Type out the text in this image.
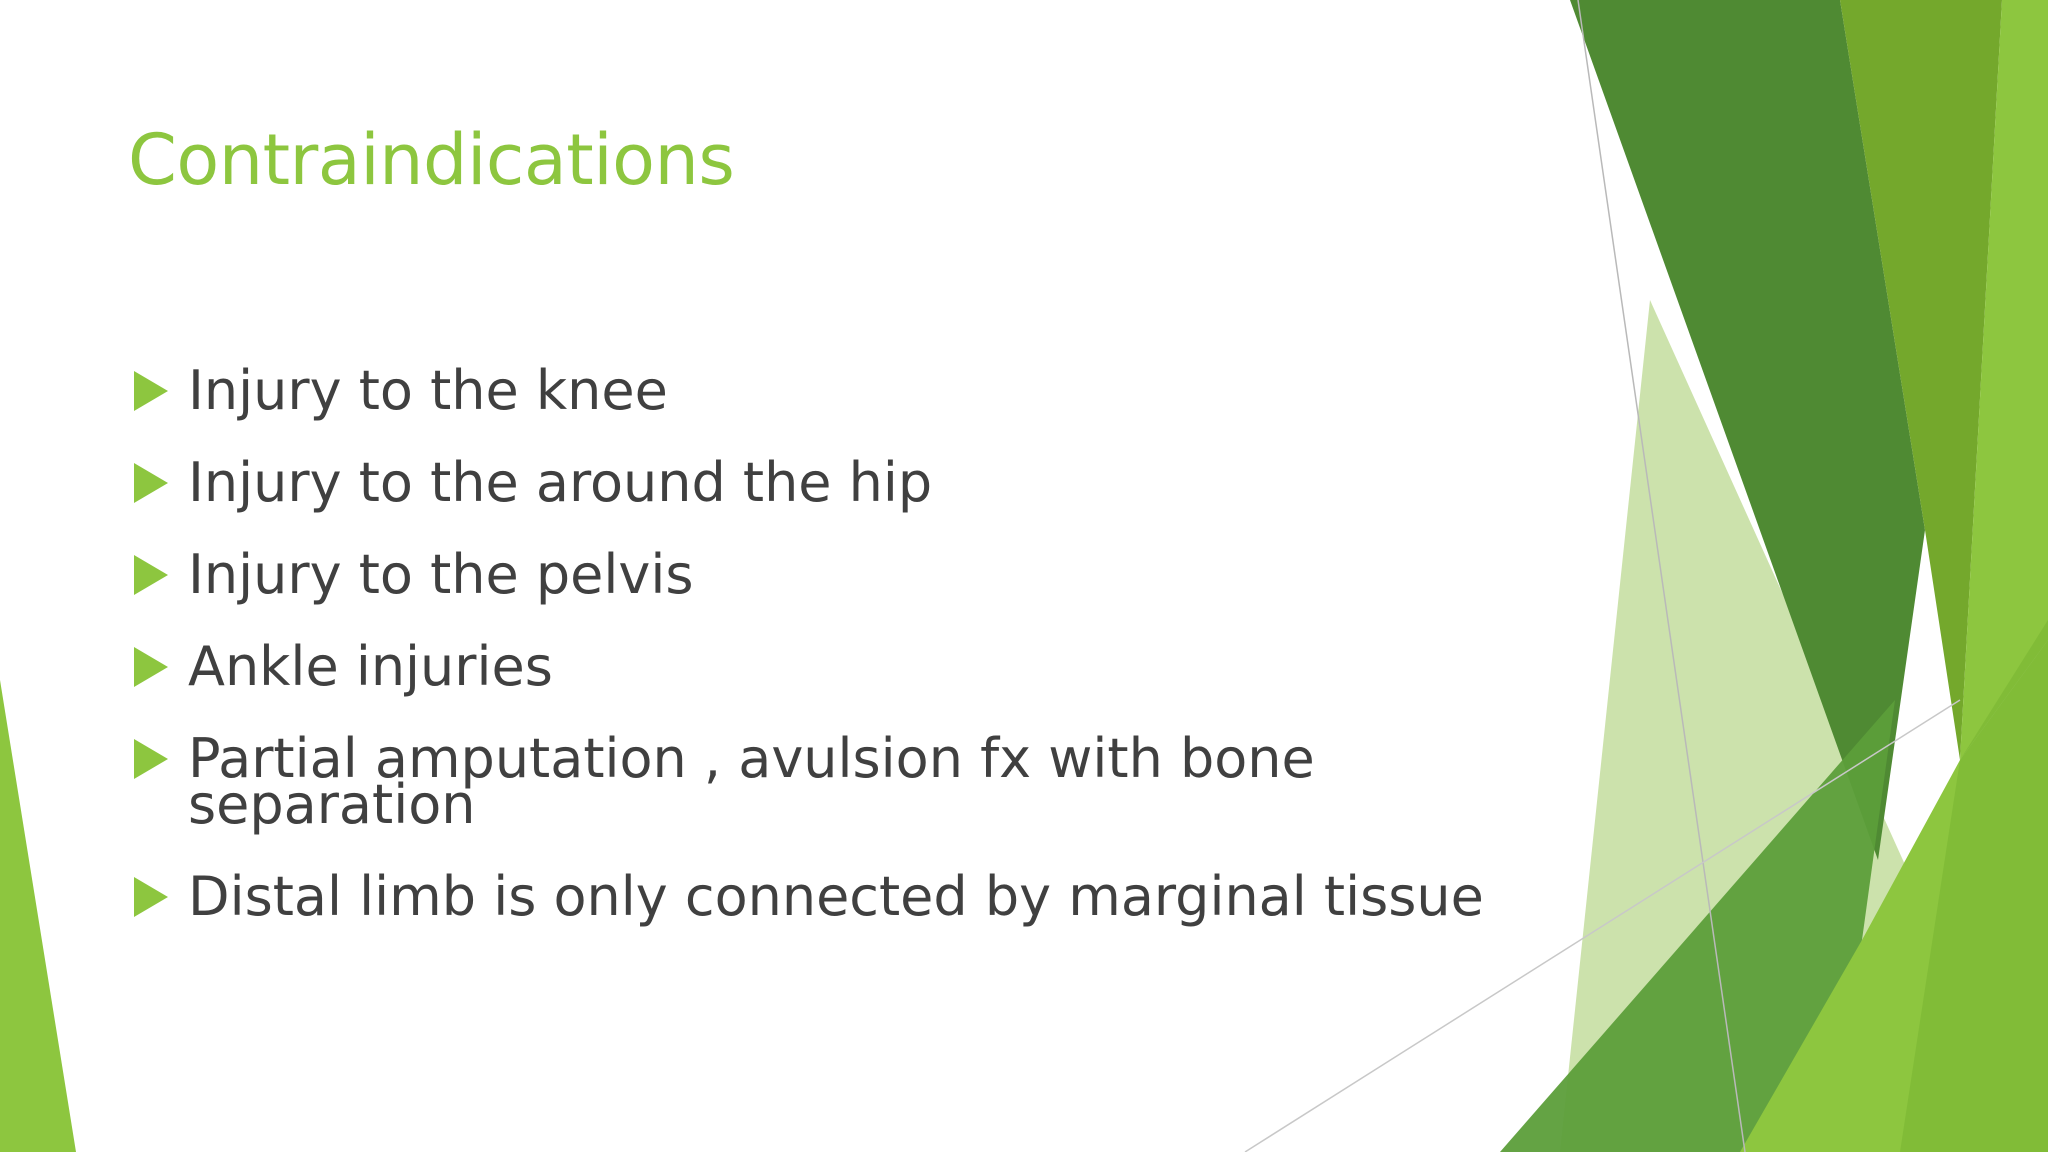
Contraindications
Injury to the knee
Injury to the around the hip
Injury to the pelvis
Ankle injuries
Partial amputation , avulsion fx with bone separation
Distal limb is only connected by marginal tissue
